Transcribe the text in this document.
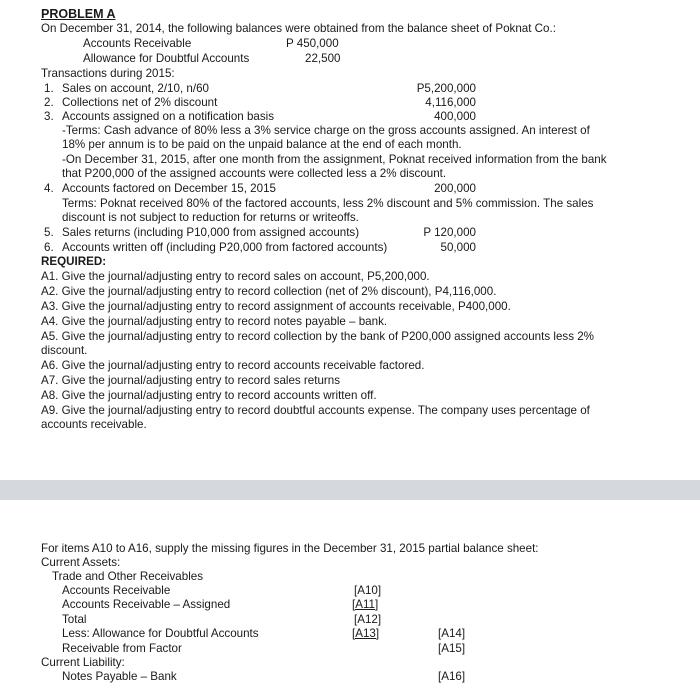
PROBLEM A
On December 31, 2014, the following balances were obtained from the balance sheet of Poknat Co.:
Accounts Receivable	P 450,000
Allowance for Doubtful Accounts	22,500
Transactions during 2015:
1. Sales on account, 2/10, n/60	P5,200,000
2. Collections net of 2% discount	4,116,000
3. Accounts assigned on a notification basis	400,000
-Terms: Cash advance of 80% less a 3% service charge on the gross accounts assigned. An interest of
18% per annum is to be paid on the unpaid balance at the end of each month.
-On December 31, 2015, after one month from the assignment, Poknat received information from the bank
that P200,000 of the assigned accounts were collected less a 2% discount.
4. Accounts factored on December 15, 2015	200,000
Terms: Poknat received 80% of the factored accounts, less 2% discount and 5% commission. The sales
discount is not subject to reduction for returns or writeoffs.
5. Sales returns (including P10,000 from assigned accounts)	P 120,000
6. Accounts written off (including P20,000 from factored accounts)	50,000
REQUIRED:
A1. Give the journal/adjusting entry to record sales on account, P5,200,000.
A2. Give the journal/adjusting entry to record collection (net of 2% discount), P4,116,000.
A3. Give the journal/adjusting entry to record assignment of accounts receivable, P400,000.
A4. Give the journal/adjusting entry to record notes payable – bank.
A5. Give the journal/adjusting entry to record collection by the bank of P200,000 assigned accounts less 2%
discount.
A6. Give the journal/adjusting entry to record accounts receivable factored.
A7. Give the journal/adjusting entry to record sales returns
A8. Give the journal/adjusting entry to record accounts written off.
A9. Give the journal/adjusting entry to record doubtful accounts expense. The company uses percentage of
accounts receivable.
For items A10 to A16, supply the missing figures in the December 31, 2015 partial balance sheet:
Current Assets:
Trade and Other Receivables
Accounts Receivable	[A10]
Accounts Receivable – Assigned	[A11]
Total	[A12]
Less: Allowance for Doubtful Accounts	[A13]	[A14]
Receivable from Factor	[A15]
Current Liability:
Notes Payable – Bank	[A16]
